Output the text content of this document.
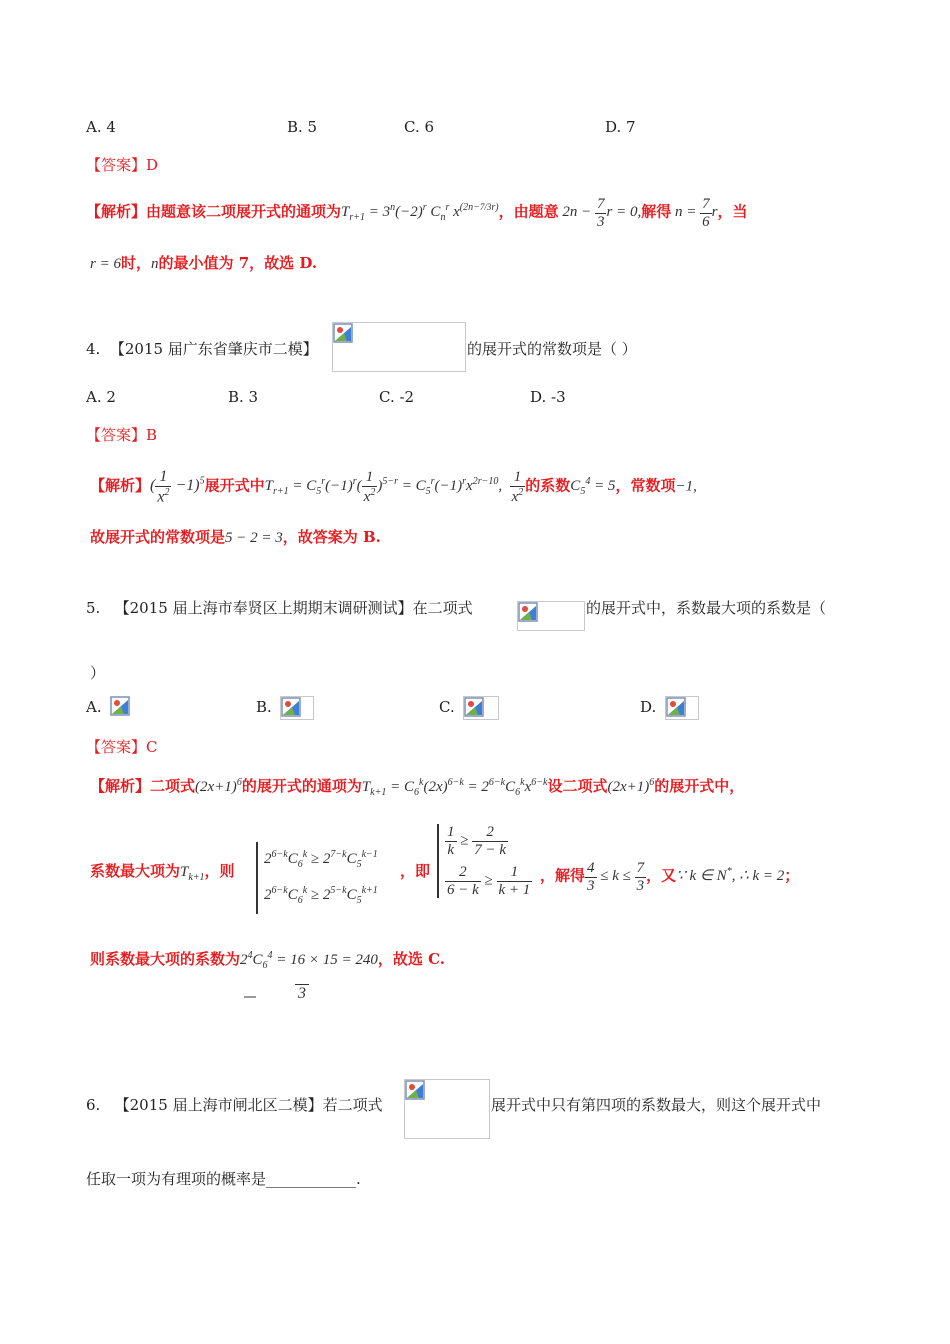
A. 4	B. 5	C. 6	D. 7
【答案】D
【解析】由题意该二项展开式的通项为$T_{r+1} = 3^n(-2)^r$ $C_n^r$ $x^{(2n-7/3r)}$，由题意 $2n - \frac{7}{3}$ r = 0,解得 $n = \frac{7}{6}$ r，当
r = 6时，n的最小值为 7，故选 D.
4. 【2015 届广东省肇庆市二模】	的展开式的常数项是（ ）
A. 2	B. 3	C. -2	D. -3
【答案】B
【解析】( $\frac{1}{x^2} -1)^5$展开式中$T_{r+1} = C_5^r(-1)^r( \frac{1}{x^2} )^{5-r} = C_5^r(-1)^rx^{2r-10}$, $\frac{1}{x^2}$ 的系数$C_5^4 = 5$，常数项−1,
故展开式的常数项是5 − 2 = 3，故答案为 B.
5. 【2015 届上海市奉贤区上期期末调研测试】在二项式	的展开式中，系数最大项的系数是（
）
A.	B.	C.	D.
【答案】C
【解析】二项式$(2x+1)^6$的展开式的通项为$T_{k+1} = C_6^k(2x)^{6-k} = 2^{6-k}C_6^kx^{6-k}$设二项式$(2x+1)^6$的展开式中，
系数最大项为$T_{k+1}$，则
$2^{6-k}C_6^k \ge 2^{7-k}C_5^{k-1}$
$2^{6-k}C_6^k \ge 2^{5-k}C_5^{k+1}$
，即
$\frac{1}{k} \ge \frac{2}{7 - k}$
$\frac{2}{6 - k} \ge \frac{1}{k + 1}$ ，解得 $\frac{4}{3} \le k \le \frac{7}{3}$ ，又∵ k ∈ N*, ∴ k = 2；
则系数最大项的系数为$2^4C_6^4 = 16 \times 15 = 240$，故选 C.
3
6. 【2015 届上海市闸北区二模】若二项式	展开式中只有第四项的系数最大，则这个展开式中
任取一项为有理项的概率是____________.
